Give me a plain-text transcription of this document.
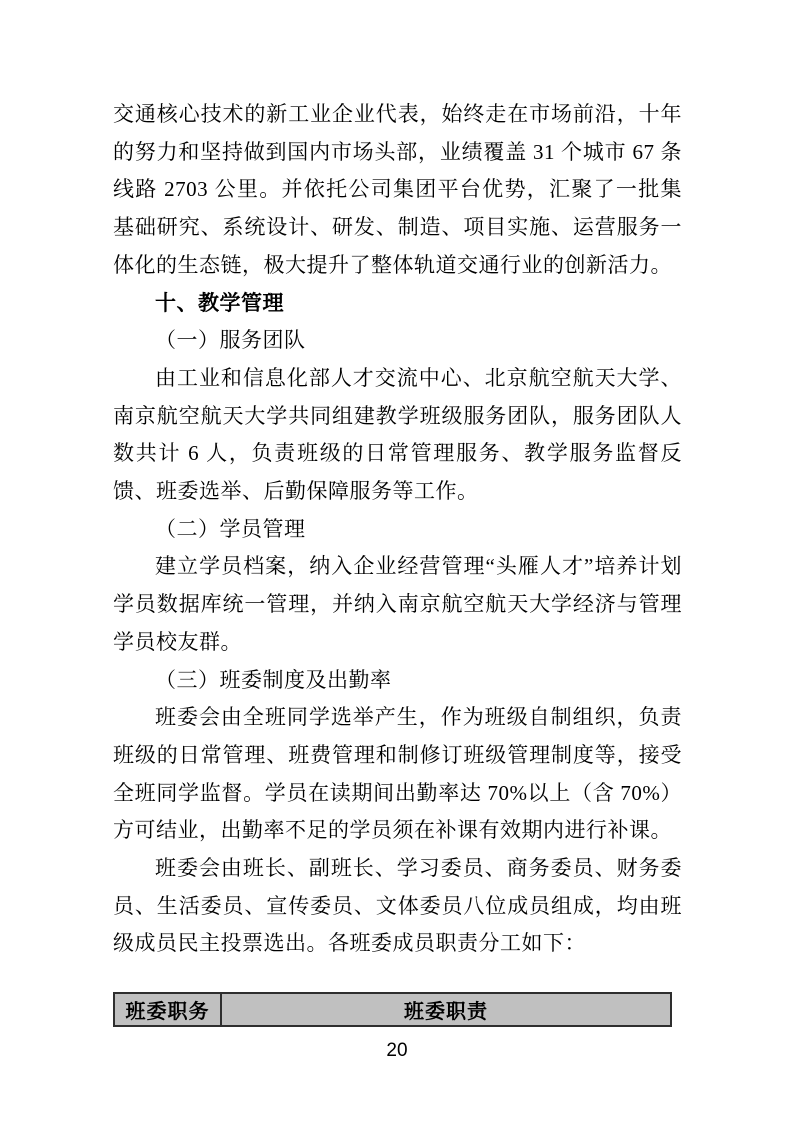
交通核心技术的新工业企业代表，始终走在市场前沿，十年的努力和坚持做到国内市场头部，业绩覆盖 31 个城市 67 条线路 2703 公里。并依托公司集团平台优势，汇聚了一批集基础研究、系统设计、研发、制造、项目实施、运营服务一体化的生态链，极大提升了整体轨道交通行业的创新活力。

十、教学管理

（一）服务团队

由工业和信息化部人才交流中心、北京航空航天大学、南京航空航天大学共同组建教学班级服务团队，服务团队人数共计 6 人，负责班级的日常管理服务、教学服务监督反馈、班委选举、后勤保障服务等工作。

（二）学员管理

建立学员档案，纳入企业经营管理“头雁人才”培养计划学员数据库统一管理，并纳入南京航空航天大学经济与管理学员校友群。

（三）班委制度及出勤率

班委会由全班同学选举产生，作为班级自制组织，负责班级的日常管理、班费管理和制修订班级管理制度等，接受全班同学监督。学员在读期间出勤率达 70%以上（含 70%）方可结业，出勤率不足的学员须在补课有效期内进行补课。

班委会由班长、副班长、学习委员、商务委员、财务委员、生活委员、宣传委员、文体委员八位成员组成，均由班级成员民主投票选出。各班委成员职责分工如下：

班委职务	班委职责
20
